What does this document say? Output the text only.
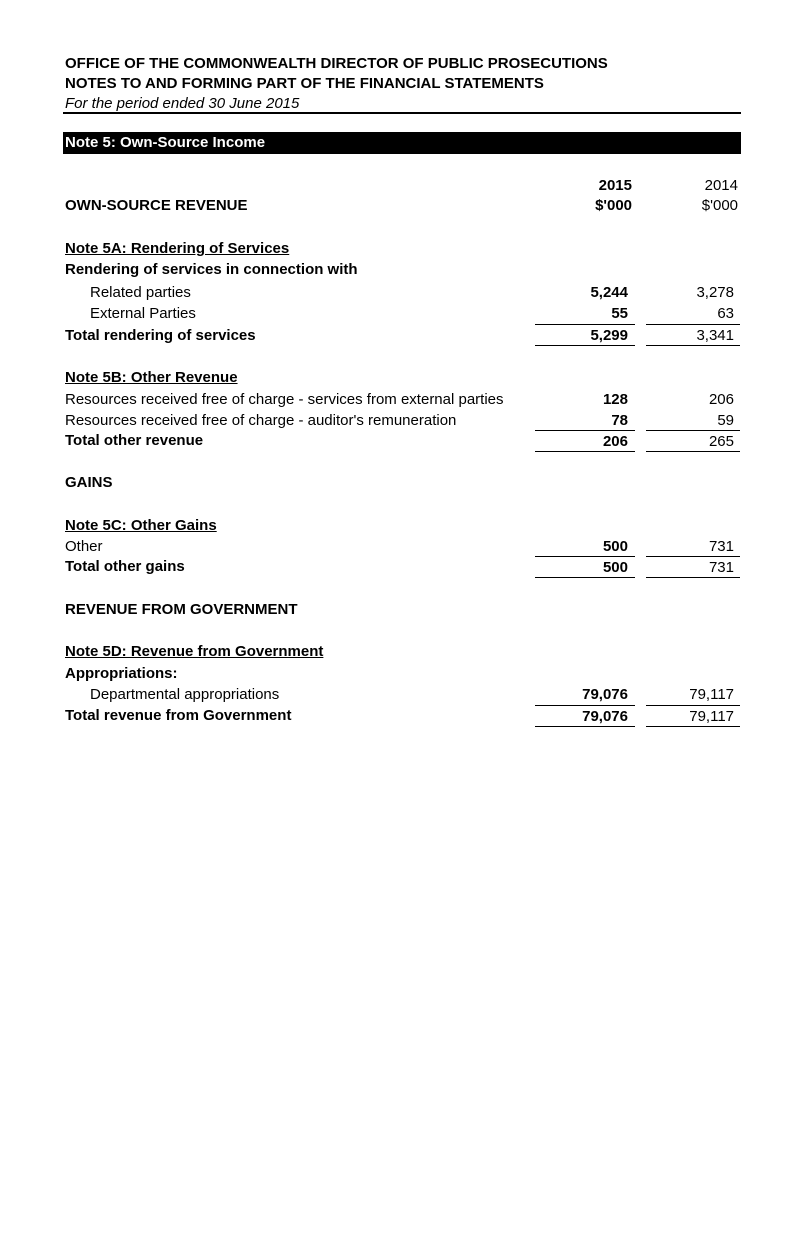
OFFICE OF THE COMMONWEALTH DIRECTOR OF PUBLIC PROSECUTIONS
NOTES TO AND FORMING PART OF THE FINANCIAL STATEMENTS
For the period ended 30 June 2015
Note 5: Own-Source Income
2015	2014
OWN-SOURCE REVENUE	$'000	$'000
Note 5A: Rendering of Services
Rendering of services in connection with
Related parties	5,244	3,278
External Parties	55	63
Total rendering of services	5,299	3,341
Note 5B: Other Revenue
Resources received free of charge - services from external parties	128	206
Resources received free of charge - auditor's remuneration	78	59
Total other revenue	206	265
GAINS
Note 5C: Other Gains
Other	500	731
Total other gains	500	731
REVENUE FROM GOVERNMENT
Note 5D: Revenue from Government
Appropriations:
Departmental appropriations	79,076	79,117
Total revenue from Government	79,076	79,117
